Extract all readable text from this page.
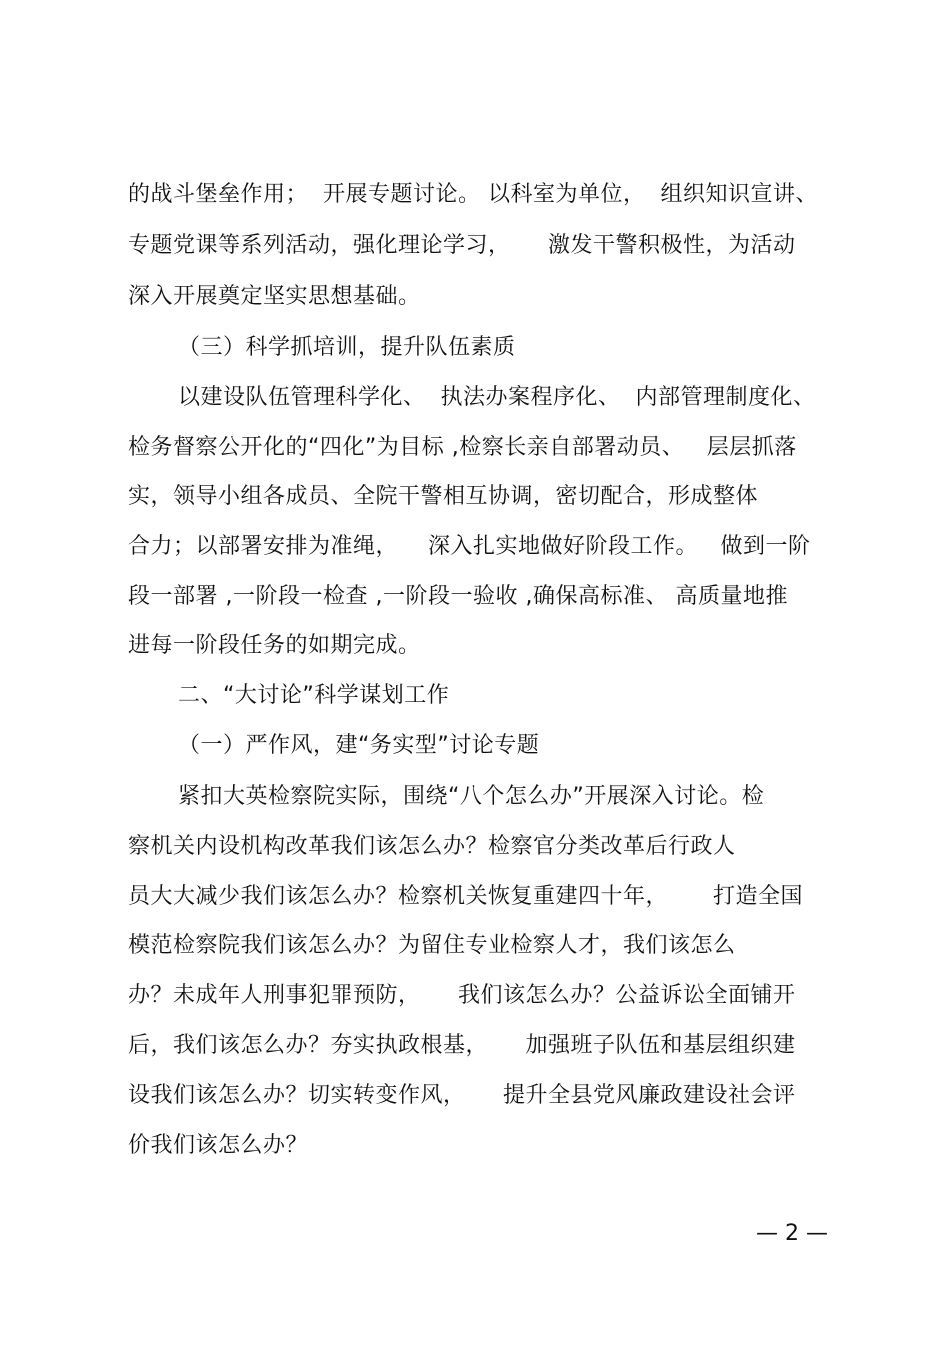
的战斗堡垒作用；  开展专题讨论。 以科室为单位，  组织知识宣讲、
专题党课等系列活动，强化理论学习，     激发干警积极性，为活动
深入开展奠定坚实思想基础。
（三）科学抓培训，提升队伍素质
以建设队伍管理科学化、  执法办案程序化、  内部管理制度化、
检务督察公开化的“四化”为目标 ,检察长亲自部署动员、   层层抓落
实，领导小组各成员、全院干警相互协调，密切配合，形成整体
合力；以部署安排为准绳，    深入扎实地做好阶段工作。   做到一阶
段一部署 ,一阶段一检查 ,一阶段一验收 ,确保高标准、 高质量地推
进每一阶段任务的如期完成。
二、“大讨论”科学谋划工作
（一）严作风，建“务实型”讨论专题
紧扣大英检察院实际，围绕“八个怎么办”开展深入讨论。检
察机关内设机构改革我们该怎么办？检察官分类改革后行政人
员大大减少我们该怎么办？检察机关恢复重建四十年，      打造全国
模范检察院我们该怎么办？为留住专业检察人才，我们该怎么
办？未成年人刑事犯罪预防，     我们该怎么办？公益诉讼全面铺开
后，我们该怎么办？夯实执政根基，     加强班子队伍和基层组织建
设我们该怎么办？切实转变作风，     提升全县党风廉政建设社会评
价我们该怎么办？
— 2 —
